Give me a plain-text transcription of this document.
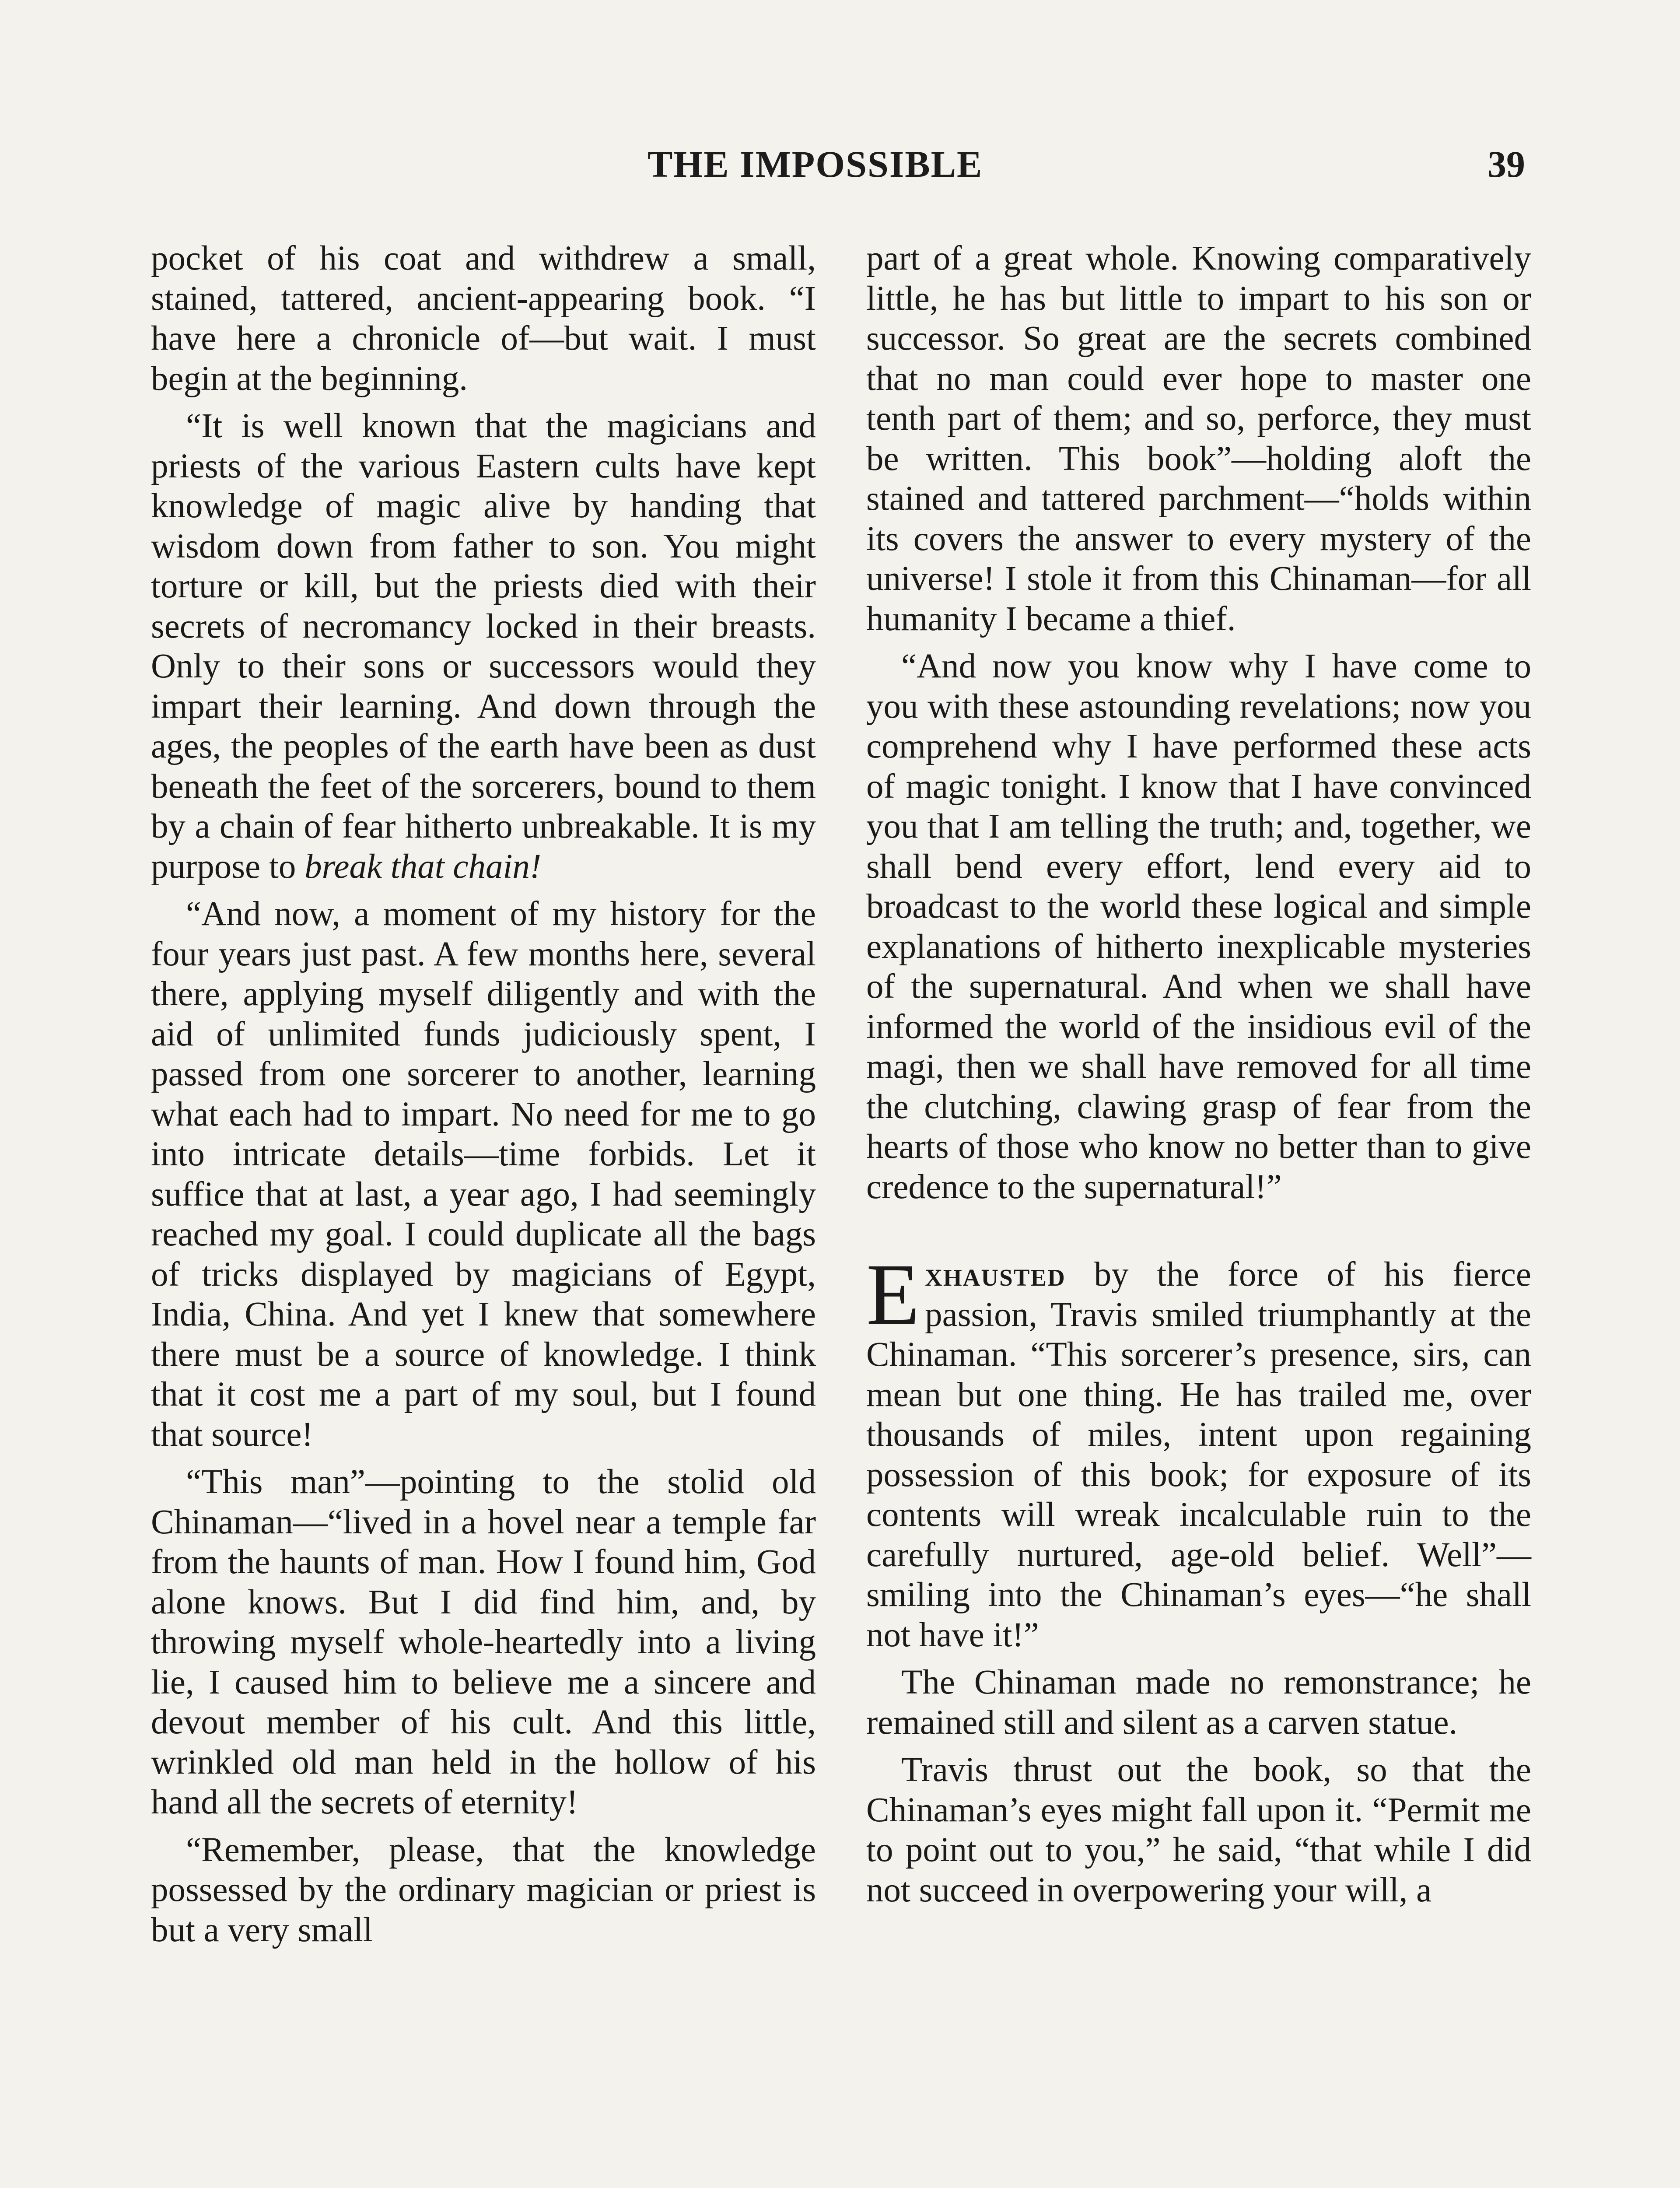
THE IMPOSSIBLE	39

pocket of his coat and withdrew a small, stained, tattered, ancient-appearing book. “I have here a chronicle of—but wait. I must begin at the beginning.

“It is well known that the magicians and priests of the various Eastern cults have kept knowledge of magic alive by handing that wisdom down from father to son. You might torture or kill, but the priests died with their secrets of necromancy locked in their breasts. Only to their sons or successors would they impart their learning. And down through the ages, the peoples of the earth have been as dust beneath the feet of the sorcerers, bound to them by a chain of fear hitherto unbreakable. It is my purpose to break that chain!

“And now, a moment of my history for the four years just past. A few months here, several there, applying myself diligently and with the aid of unlimited funds judiciously spent, I passed from one sorcerer to another, learning what each had to impart. No need for me to go into intricate details—time forbids. Let it suffice that at last, a year ago, I had seemingly reached my goal. I could duplicate all the bags of tricks displayed by magicians of Egypt, India, China. And yet I knew that somewhere there must be a source of knowledge. I think that it cost me a part of my soul, but I found that source!

“This man”—pointing to the stolid old Chinaman—“lived in a hovel near a temple far from the haunts of man. How I found him, God alone knows. But I did find him, and, by throwing myself whole-heartedly into a living lie, I caused him to believe me a sincere and devout member of his cult. And this little, wrinkled old man held in the hollow of his hand all the secrets of eternity!

“Remember, please, that the knowledge possessed by the ordinary magician or priest is but a very small

part of a great whole. Knowing comparatively little, he has but little to impart to his son or successor. So great are the secrets combined that no man could ever hope to master one tenth part of them; and so, perforce, they must be written. This book”—holding aloft the stained and tattered parchment—“holds within its covers the answer to every mystery of the universe! I stole it from this Chinaman—for all humanity I became a thief.

“And now you know why I have come to you with these astounding revelations; now you comprehend why I have performed these acts of magic tonight. I know that I have convinced you that I am telling the truth; and, together, we shall bend every effort, lend every aid to broadcast to the world these logical and simple explanations of hitherto inexplicable mysteries of the supernatural. And when we shall have informed the world of the insidious evil of the magi, then we shall have removed for all time the clutching, clawing grasp of fear from the hearts of those who know no better than to give credence to the supernatural!”

Exhausted by the force of his fierce passion, Travis smiled triumphantly at the Chinaman. “This sorcerer’s presence, sirs, can mean but one thing. He has trailed me, over thousands of miles, intent upon regaining possession of this book; for exposure of its contents will wreak incalculable ruin to the carefully nurtured, age-old belief. Well”—smiling into the Chinaman’s eyes—“he shall not have it!”

The Chinaman made no remonstrance; he remained still and silent as a carven statue.

Travis thrust out the book, so that the Chinaman’s eyes might fall upon it. “Permit me to point out to you,” he said, “that while I did not succeed in overpowering your will, a
